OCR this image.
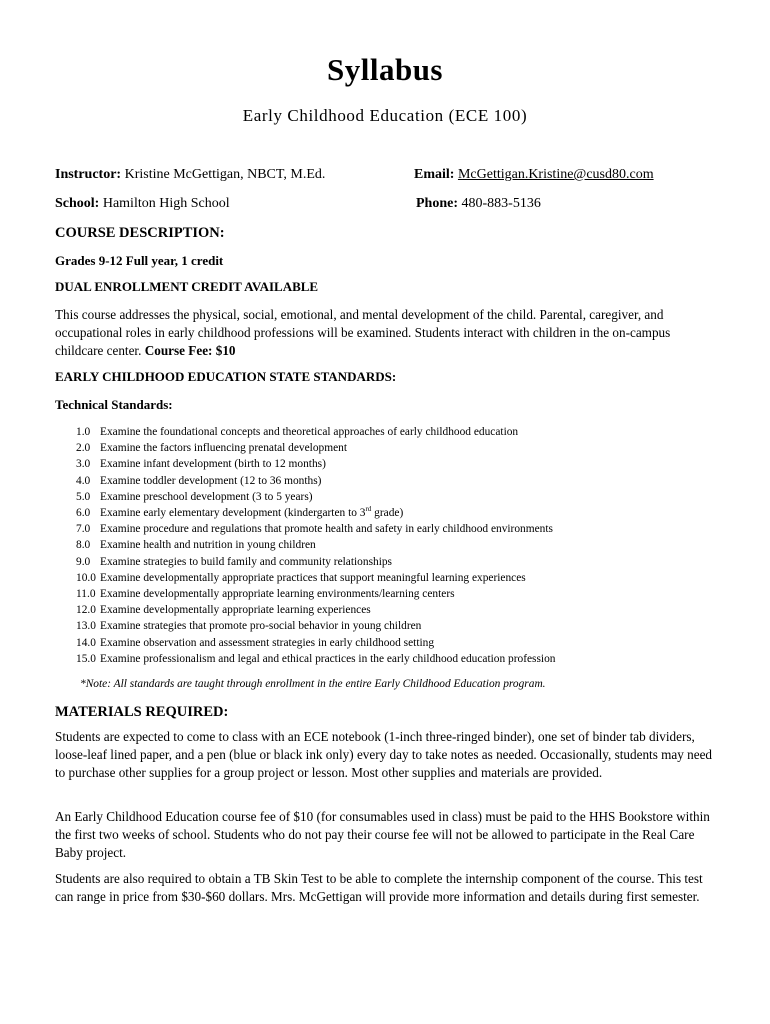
Syllabus
Early Childhood Education (ECE 100)
Instructor: Kristine McGettigan, NBCT, M.Ed.	Email: McGettigan.Kristine@cusd80.com
School: Hamilton High School	Phone: 480-883-5136
COURSE DESCRIPTION:
Grades 9-12 Full year, 1 credit
DUAL ENROLLMENT CREDIT AVAILABLE
This course addresses the physical, social, emotional, and mental development of the child. Parental, caregiver, and occupational roles in early childhood professions will be examined. Students interact with children in the on-campus childcare center. Course Fee: $10
EARLY CHILDHOOD EDUCATION STATE STANDARDS:
Technical Standards:
1.0 Examine the foundational concepts and theoretical approaches of early childhood education
2.0 Examine the factors influencing prenatal development
3.0 Examine infant development (birth to 12 months)
4.0 Examine toddler development (12 to 36 months)
5.0 Examine preschool development (3 to 5 years)
6.0 Examine early elementary development (kindergarten to 3rd grade)
7.0 Examine procedure and regulations that promote health and safety in early childhood environments
8.0 Examine health and nutrition in young children
9.0 Examine strategies to build family and community relationships
10.0 Examine developmentally appropriate practices that support meaningful learning experiences
11.0 Examine developmentally appropriate learning environments/learning centers
12.0 Examine developmentally appropriate learning experiences
13.0 Examine strategies that promote pro-social behavior in young children
14.0 Examine observation and assessment strategies in early childhood setting
15.0 Examine professionalism and legal and ethical practices in the early childhood education profession
*Note: All standards are taught through enrollment in the entire Early Childhood Education program.
MATERIALS REQUIRED:
Students are expected to come to class with an ECE notebook (1-inch three-ringed binder), one set of binder tab dividers, loose-leaf lined paper, and a pen (blue or black ink only) every day to take notes as needed. Occasionally, students may need to purchase other supplies for a group project or lesson. Most other supplies and materials are provided.
An Early Childhood Education course fee of $10 (for consumables used in class) must be paid to the HHS Bookstore within the first two weeks of school. Students who do not pay their course fee will not be allowed to participate in the Real Care Baby project.
Students are also required to obtain a TB Skin Test to be able to complete the internship component of the course. This test can range in price from $30-$60 dollars. Mrs. McGettigan will provide more information and details during first semester.
